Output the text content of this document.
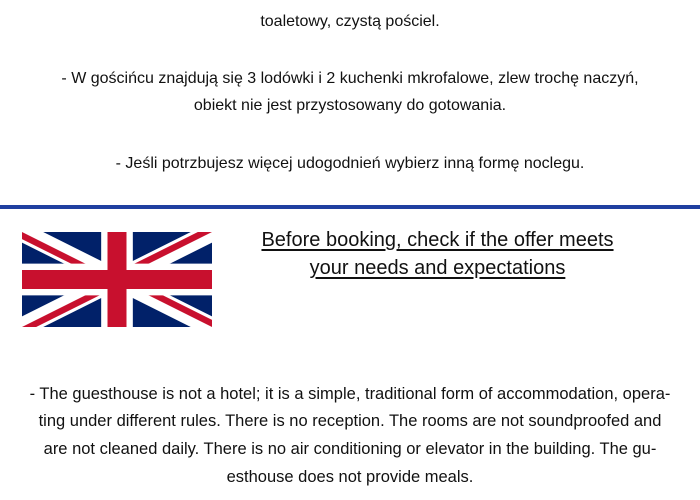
toaletowy, czystą pościel.
- W gościńcu znajdują się 3 lodówki i 2 kuchenki mkrofalowe, zlew trochę naczyń,
obiekt nie jest przystosowany do gotowania.
- Jeśli potrzbujesz więcej udogodnień wybierz inną formę noclegu.
Before booking, check if the offer meets
your needs and expectations
- The guesthouse is not a hotel; it is a simple, traditional form of accommodation, opera-
ting under different rules. There is no reception. The rooms are not soundproofed and
are not cleaned daily. There is no air conditioning or elevator in the building. The gu-
esthouse does not provide meals.
